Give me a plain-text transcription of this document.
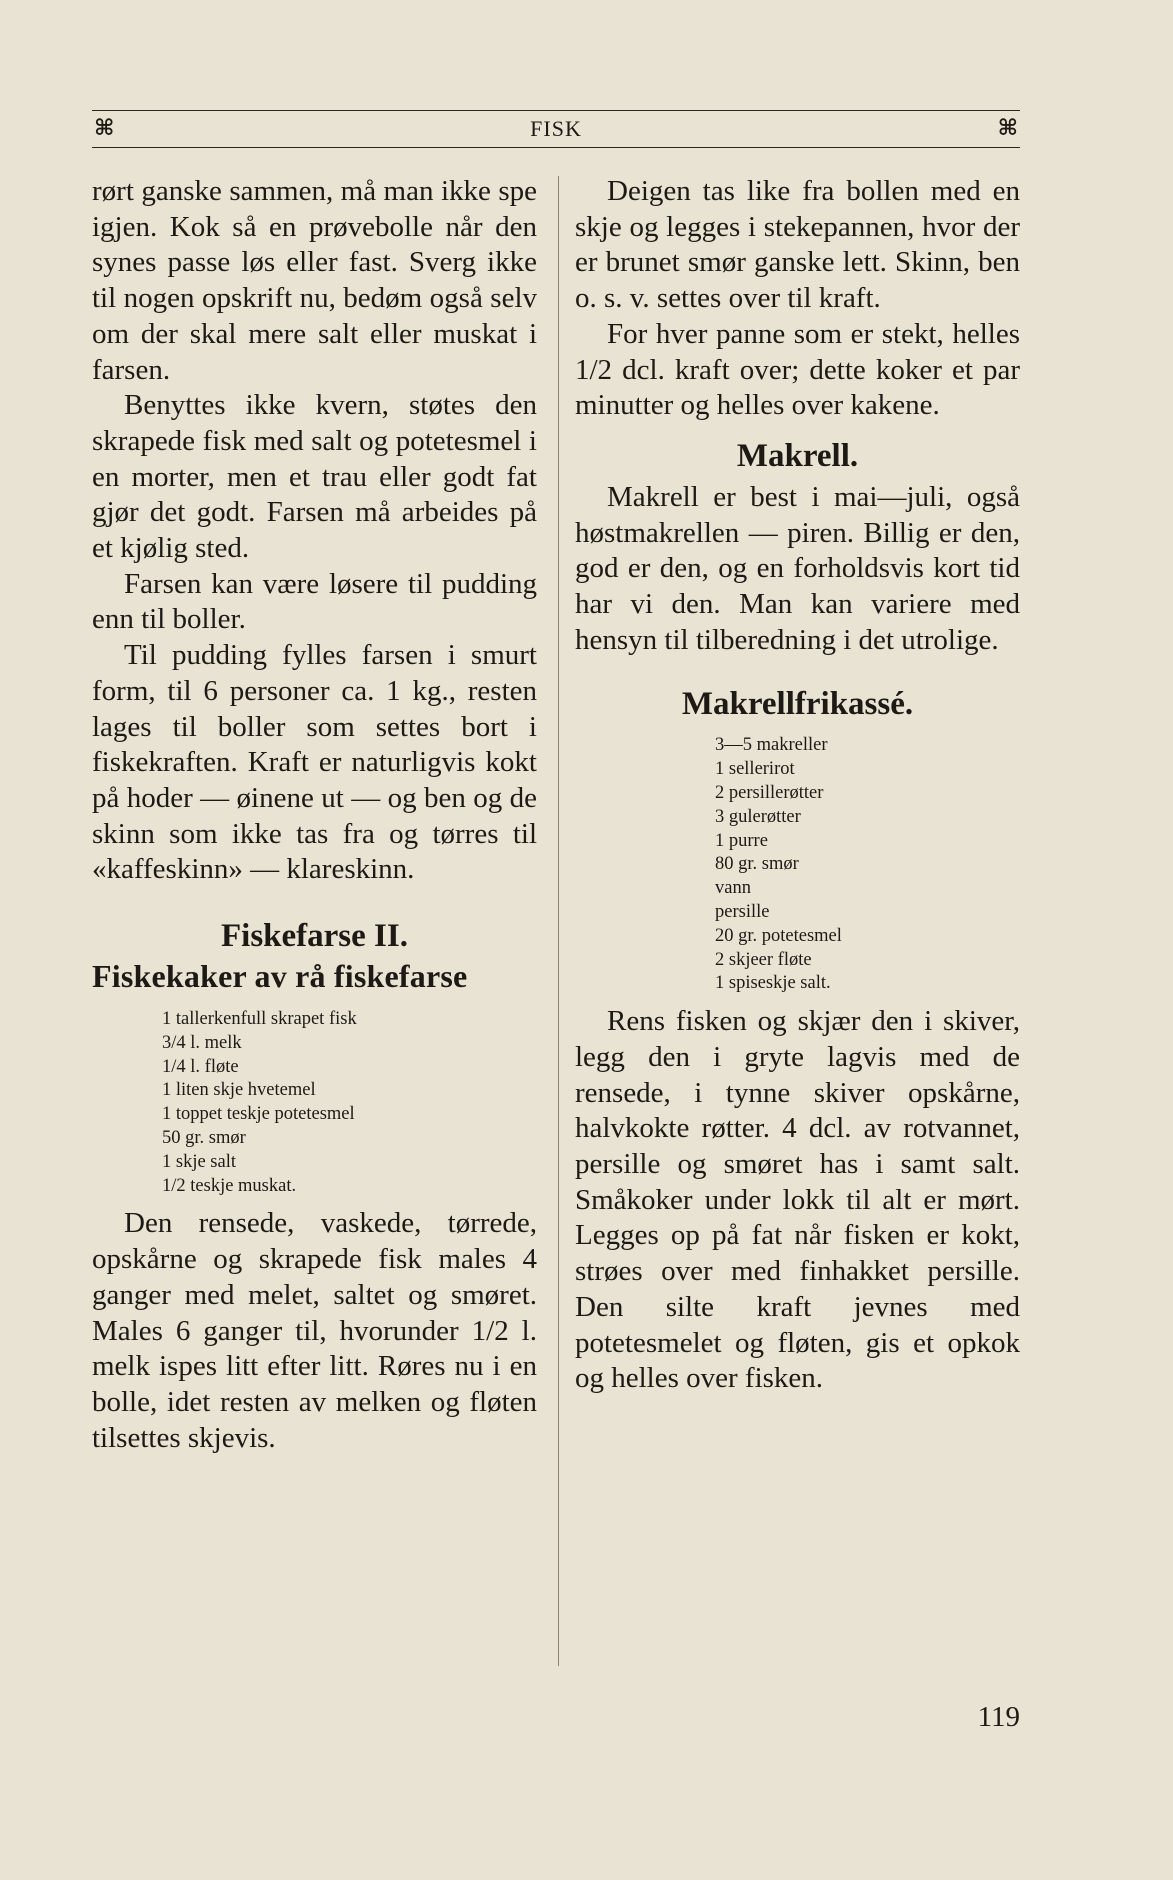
⌘	FISK	⌘

rørt ganske sammen, må man ikke spe igjen. Kok så en prøvebolle når den synes passe løs eller fast. Sverg ikke til nogen opskrift nu, bedøm også selv om der skal mere salt eller muskat i farsen.

Benyttes ikke kvern, støtes den skrapede fisk med salt og potetesmel i en morter, men et trau eller godt fat gjør det godt. Farsen må arbeides på et kjølig sted.

Farsen kan være løsere til pudding enn til boller.

Til pudding fylles farsen i smurt form, til 6 personer ca. 1 kg., resten lages til boller som settes bort i fiskekraften. Kraft er naturligvis kokt på hoder — øinene ut — og ben og de skinn som ikke tas fra og tørres til «kaffeskinn» — klareskinn.

Fiskefarse II.
Fiskekaker av rå fiskefarse
1 tallerkenfull skrapet fisk
3/4 l. melk
1/4 l. fløte
1 liten skje hvetemel
1 toppet teskje potetesmel
50 gr. smør
1 skje salt
1/2 teskje muskat.

Den rensede, vaskede, tørrede, opskårne og skrapede fisk males 4 ganger med melet, saltet og smøret. Males 6 ganger til, hvorunder 1/2 l. melk ispes litt efter litt. Røres nu i en bolle, idet resten av melken og fløten tilsettes skjevis.

Deigen tas like fra bollen med en skje og legges i stekepannen, hvor der er brunet smør ganske lett. Skinn, ben o. s. v. settes over til kraft.

For hver panne som er stekt, helles 1/2 dcl. kraft over; dette koker et par minutter og helles over kakene.

Makrell.

Makrell er best i mai—juli, også høstmakrellen — piren. Billig er den, god er den, og en forholdsvis kort tid har vi den. Man kan variere med hensyn til tilberedning i det utrolige.

Makrellfrikassé.
3—5 makreller
1 sellerirot
2 persillerøtter
3 gulerøtter
1 purre
80 gr. smør
vann
persille
20 gr. potetesmel
2 skjeer fløte
1 spiseskje salt.

Rens fisken og skjær den i skiver, legg den i gryte lagvis med de rensede, i tynne skiver opskårne, halvkokte røtter. 4 dcl. av rotvannet, persille og smøret has i samt salt. Småkoker under lokk til alt er mørt. Legges op på fat når fisken er kokt, strøes over med finhakket persille. Den silte kraft jevnes med potetesmelet og fløten, gis et opkok og helles over fisken.

119
